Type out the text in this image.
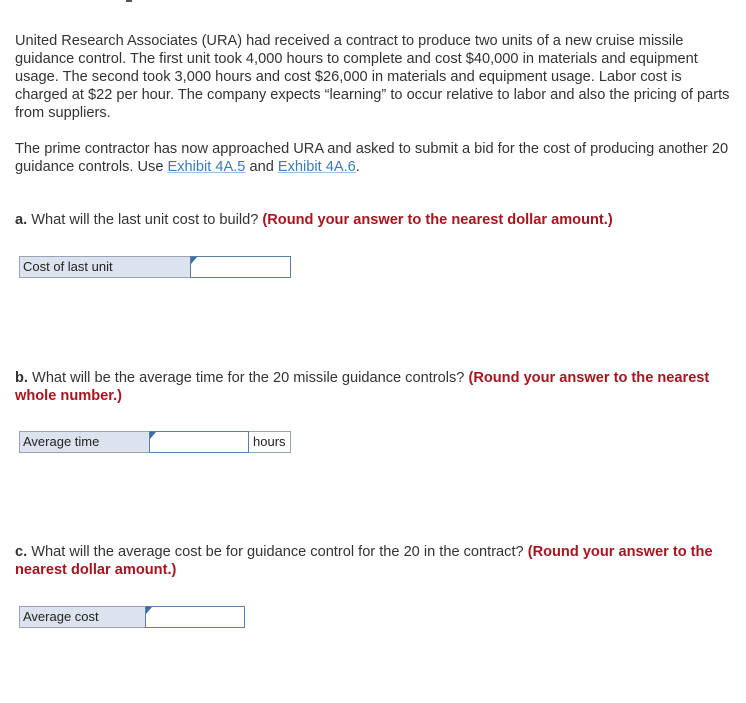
United Research Associates (URA) had received a contract to produce two units of a new cruise missile guidance control. The first unit took 4,000 hours to complete and cost $40,000 in materials and equipment usage. The second took 3,000 hours and cost $26,000 in materials and equipment usage. Labor cost is charged at $22 per hour. The company expects “learning” to occur relative to labor and also the pricing of parts from suppliers.

The prime contractor has now approached URA and asked to submit a bid for the cost of producing another 20 guidance controls. Use Exhibit 4A.5 and Exhibit 4A.6.

a. What will the last unit cost to build? (Round your answer to the nearest dollar amount.)

Cost of last unit

b. What will be the average time for the 20 missile guidance controls? (Round your answer to the nearest whole number.)

Average time	hours

c. What will the average cost be for guidance control for the 20 in the contract? (Round your answer to the nearest dollar amount.)

Average cost
